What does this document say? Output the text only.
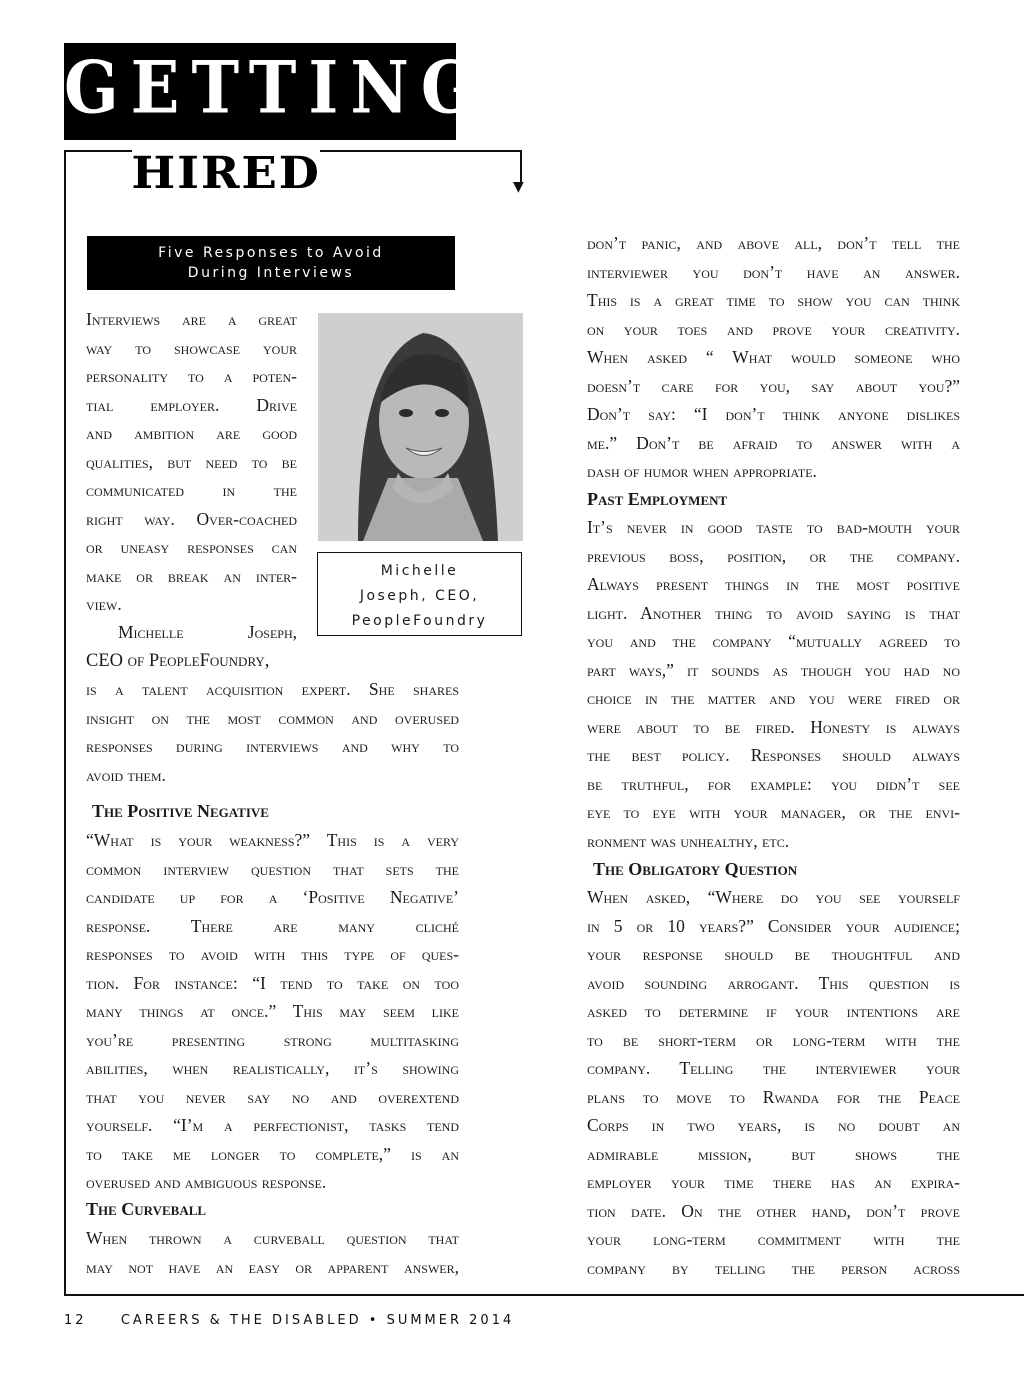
GETTING
▼
HIRED
Five Responses to Avoid
During Interviews
Michelle
Joseph, CEO,
PeopleFoundry
Interviews are a great
way to showcase your
personality to a poten-
tial employer. Drive
and ambition are good
qualities, but need to be
communicated in the
right way. Over-coached
or uneasy responses can
make or break an inter-
view.
Michelle Joseph,
CEO of PeopleFoundry,
is a talent acquisition expert. She shares
insight on the most common and overused
responses during interviews and why to
avoid them.
The Positive Negative
“What is your weakness?” This is a very
common interview question that sets the
candidate up for a ‘Positive Negative’
response. There are many cliché
responses to avoid with this type of ques-
tion. For instance: “I tend to take on too
many things at once.” This may seem like
you’re presenting strong multitasking
abilities, when realistically, it’s showing
that you never say no and overextend
yourself. “I’m a perfectionist, tasks tend
to take me longer to complete,” is an
overused and ambiguous response.
The Curveball
When thrown a curveball question that
may not have an easy or apparent answer,
don’t panic, and above all, don’t tell the
interviewer you don’t have an answer.
This is a great time to show you can think
on your toes and prove your creativity.
When asked “ What would someone who
doesn’t care for you, say about you?”
Don’t say: “I don’t think anyone dislikes
me.” Don’t be afraid to answer with a
dash of humor when appropriate.
Past Employment
It’s never in good taste to bad-mouth your
previous boss, position, or the company.
Always present things in the most positive
light. Another thing to avoid saying is that
you and the company “mutually agreed to
part ways,” it sounds as though you had no
choice in the matter and you were fired or
were about to be fired. Honesty is always
the best policy. Responses should always
be truthful, for example: you didn’t see
eye to eye with your manager, or the envi-
ronment was unhealthy, etc.
The Obligatory Question
When asked, “Where do you see yourself
in 5 or 10 years?” Consider your audience;
your response should be thoughtful and
avoid sounding arrogant. This question is
asked to determine if your intentions are
to be short-term or long-term with the
company. Telling the interviewer your
plans to move to Rwanda for the Peace
Corps in two years, is no doubt an
admirable mission, but shows the
employer your time there has an expira-
tion date. On the other hand, don’t prove
your long-term commitment with the
company by telling the person across
12	CAREERS & THE DISABLED • SUMMER 2014
